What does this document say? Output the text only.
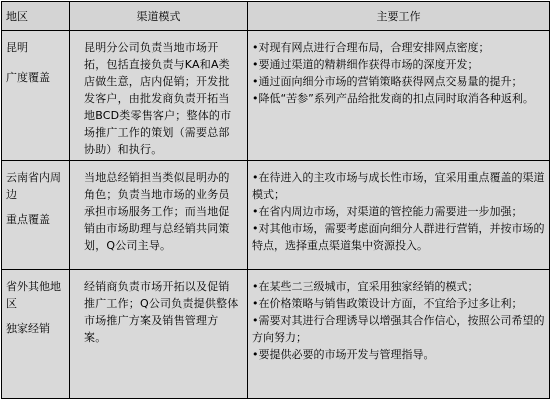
地区	渠道模式	主要工作

昆明
广度覆盖	昆明分公司负责当地市场开拓，包括直接负责与KA和A类店做生意，店内促销；开发批发客户，由批发商负责开拓当地BCD类零售客户；整体的市场推广工作的策划（需要总部协助）和执行。	•对现有网点进行合理布局，合理安排网点密度；
•要通过渠道的精耕细作获得市场的深度开发；
•通过面向细分市场的营销策略获得网点交易量的提升；
•降低“苦参”系列产品给批发商的扣点同时取消各种返利。

云南省内周边
重点覆盖	当地总经销担当类似昆明办的角色；负责当地市场的业务员承担市场服务工作；而当地促销由市场助理与总经销共同策划，Q公司主导。	•在待进入的主攻市场与成长性市场，宜采用重点覆盖的渠道模式；
•在省内周边市场，对渠道的管控能力需要进一步加强；
•对其他市场，需要考虑面向细分人群进行营销，并按市场的特点，选择重点渠道集中资源投入。

省外其他地区
独家经销	经销商负责市场开拓以及促销推广工作；Q公司负责提供整体市场推广方案及销售管理方案。	•在某些二三级城市，宜采用独家经销的模式；
•在价格策略与销售政策设计方面，不宜给予过多让利；
•需要对其进行合理诱导以增强其合作信心，按照公司希望的方向努力；
•要提供必要的市场开发与管理指导。
